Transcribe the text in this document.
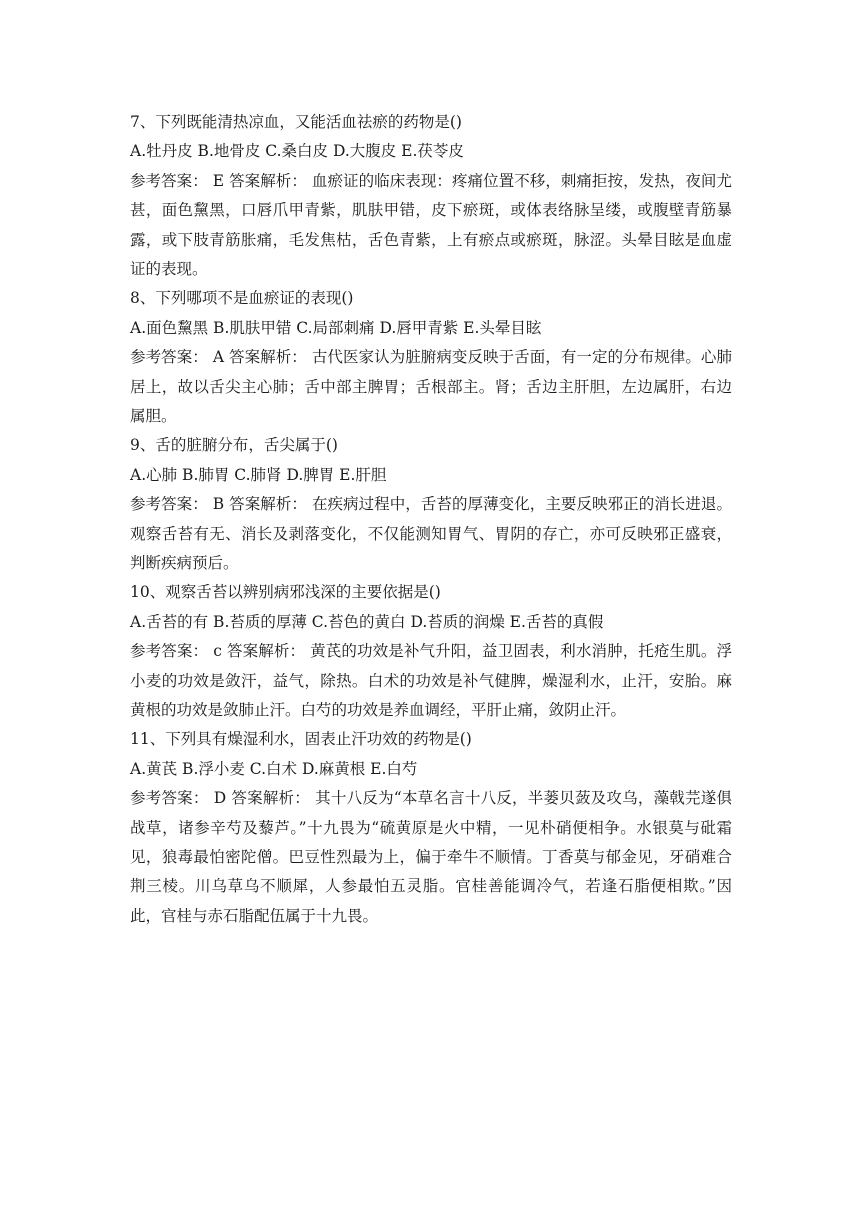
7、下列既能清热凉血，又能活血祛瘀的药物是()
A.牡丹皮 B.地骨皮 C.桑白皮 D.大腹皮 E.茯苓皮
参考答案： E 答案解析： 血瘀证的临床表现：疼痛位置不移，刺痛拒按，发热，夜间尤甚，面色黧黑，口唇爪甲青紫，肌肤甲错，皮下瘀斑，或体表络脉呈缕，或腹壁青筋暴露，或下肢青筋胀痛，毛发焦枯，舌色青紫，上有瘀点或瘀斑，脉涩。头晕目眩是血虚证的表现。
8、下列哪项不是血瘀证的表现()
A.面色黧黑 B.肌肤甲错 C.局部刺痛 D.唇甲青紫 E.头晕目眩
参考答案： A 答案解析： 古代医家认为脏腑病变反映于舌面，有一定的分布规律。心肺居上，故以舌尖主心肺；舌中部主脾胃；舌根部主。肾；舌边主肝胆，左边属肝，右边属胆。
9、舌的脏腑分布，舌尖属于()
A.心肺 B.肺胃 C.肺肾 D.脾胃 E.肝胆
参考答案： B 答案解析： 在疾病过程中，舌苔的厚薄变化，主要反映邪正的消长进退。观察舌苔有无、消长及剥落变化，不仅能测知胃气、胃阴的存亡，亦可反映邪正盛衰，判断疾病预后。
10、观察舌苔以辨别病邪浅深的主要依据是()
A.舌苔的有 B.苔质的厚薄 C.苔色的黄白 D.苔质的润燥 E.舌苔的真假
参考答案： c 答案解析： 黄芪的功效是补气升阳，益卫固表，利水消肿，托疮生肌。浮小麦的功效是敛汗，益气，除热。白术的功效是补气健脾，燥湿利水，止汗，安胎。麻黄根的功效是敛肺止汗。白芍的功效是养血调经，平肝止痛，敛阴止汗。
11、下列具有燥湿利水，固表止汗功效的药物是()
A.黄芪 B.浮小麦 C.白术 D.麻黄根 E.白芍
参考答案： D 答案解析： 其十八反为“本草名言十八反，半蒌贝蔹及攻乌，藻戟芫遂俱战草，诸参辛芍及藜芦。”十九畏为“硫黄原是火中精，一见朴硝便相争。水银莫与砒霜见，狼毒最怕密陀僧。巴豆性烈最为上，偏于牵牛不顺情。丁香莫与郁金见，牙硝难合荆三棱。川乌草乌不顺犀，人参最怕五灵脂。官桂善能调冷气，若逢石脂便相欺。”因此，官桂与赤石脂配伍属于十九畏。
